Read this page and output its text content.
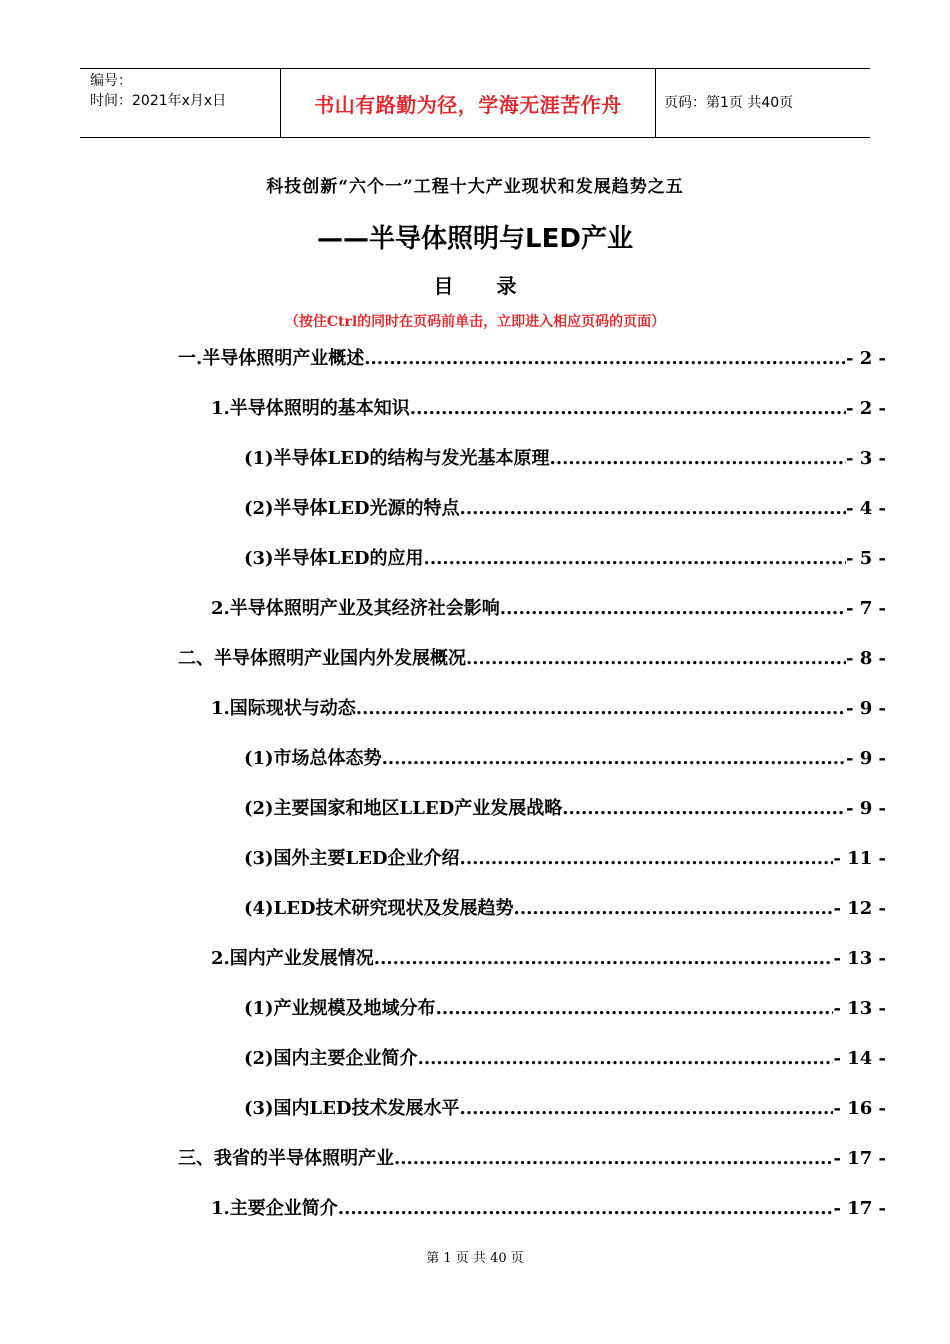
编号：
时间：2021年x月x日	书山有路勤为径，学海无涯苦作舟	页码：第1页 共40页
科技创新“六个一”工程十大产业现状和发展趋势之五
——半导体照明与LED产业
目 录
（按住Ctrl的同时在页码前单击，立即进入相应页码的页面）
一.半导体照明产业概述 .....	- 2 -
1.半导体照明的基本知识 .....	- 2 -
(1)半导体LED的结构与发光基本原理 .....	- 3 -
(2)半导体LED光源的特点 .....	- 4 -
(3)半导体LED的应用 .....	- 5 -
2.半导体照明产业及其经济社会影响 .....	- 7 -
二、半导体照明产业国内外发展概况 .....	- 8 -
1.国际现状与动态 .....	- 9 -
(1)市场总体态势 .....	- 9 -
(2)主要国家和地区LLED产业发展战略 .....	- 9 -
(3)国外主要LED企业介绍 .....	- 11 -
(4)LED技术研究现状及发展趋势 .....	- 12 -
2.国内产业发展情况 .....	- 13 -
(1)产业规模及地域分布 .....	- 13 -
(2)国内主要企业简介 .....	- 14 -
(3)国内LED技术发展水平 .....	- 16 -
三、我省的半导体照明产业 .....	- 17 -
1.主要企业简介 .....	- 17 -
第 1 页 共 40 页
